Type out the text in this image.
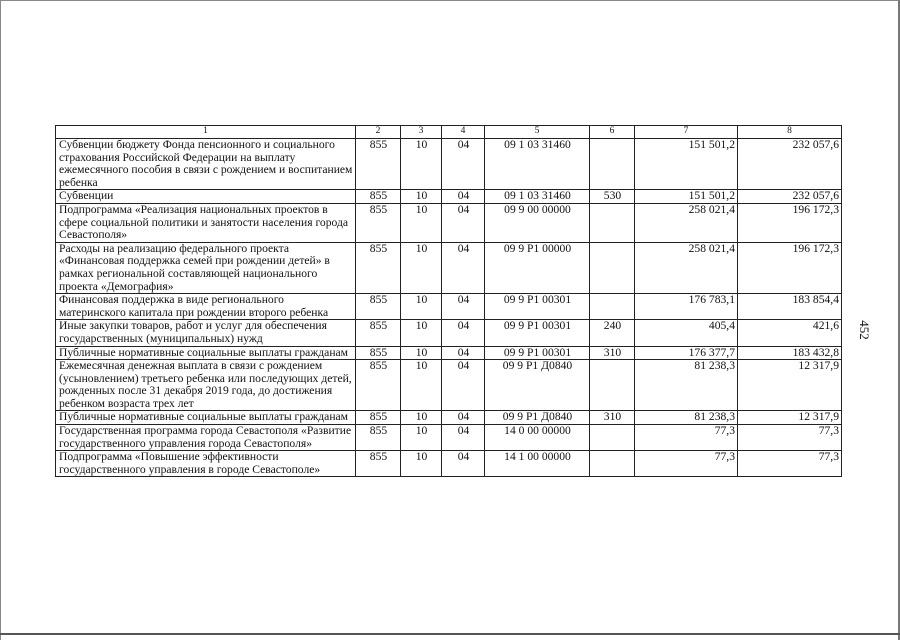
1	2	3	4	5	6	7	8
Субвенции бюджету Фонда пенсионного и социального страхования Российской Федерации на выплату ежемесячного пособия в связи с рождением и воспитанием ребенка	855	10	04	09 1 03 31460		151 501,2	232 057,6
Субвенции	855	10	04	09 1 03 31460	530	151 501,2	232 057,6
Подпрограмма «Реализация национальных проектов в сфере социальной политики и занятости населения города Севастополя»	855	10	04	09 9 00 00000		258 021,4	196 172,3
Расходы на реализацию федерального проекта «Финансовая поддержка семей при рождении детей» в рамках региональной составляющей национального проекта «Демография»	855	10	04	09 9 P1 00000		258 021,4	196 172,3
Финансовая поддержка в виде регионального материнского капитала при рождении второго ребенка	855	10	04	09 9 P1 00301		176 783,1	183 854,4
Иные закупки товаров, работ и услуг для обеспечения государственных (муниципальных) нужд	855	10	04	09 9 P1 00301	240	405,4	421,6
Публичные нормативные социальные выплаты гражданам	855	10	04	09 9 P1 00301	310	176 377,7	183 432,8
Ежемесячная денежная выплата в связи с рождением (усыновлением) третьего ребенка или последующих детей, рожденных после 31 декабря 2019 года, до достижения ребенком возраста трех лет	855	10	04	09 9 P1 Д0840		81 238,3	12 317,9
Публичные нормативные социальные выплаты гражданам	855	10	04	09 9 P1 Д0840	310	81 238,3	12 317,9
Государственная программа города Севастополя «Развитие государственного управления города Севастополя»	855	10	04	14 0 00 00000		77,3	77,3
Подпрограмма «Повышение эффективности государственного управления в городе Севастополе»	855	10	04	14 1 00 00000		77,3	77,3
452
